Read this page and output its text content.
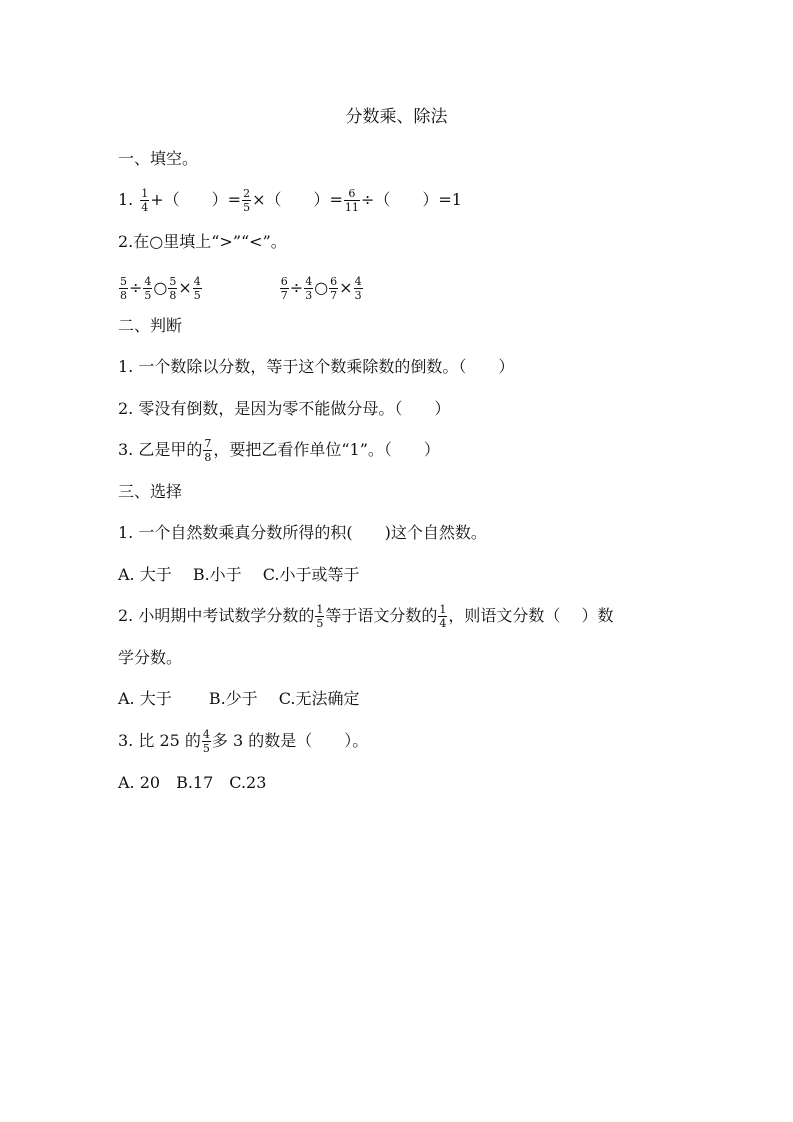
分数乘、除法
一、填空。
1. $\frac{1}{4}$ +（　　）= $\frac{2}{5}$ ×（　　）= $\frac{6}{11}$ ÷（　　）=1
2.在○里填上“>”“<”。
$\frac{5}{8} \div \frac{4}{5}$ ○ $\frac{5}{8} \times \frac{4}{5}$	$\frac{6}{7} \div \frac{4}{3}$ ○ $\frac{6}{7} \times \frac{4}{3}$
二、判断
1. 一个数除以分数，等于这个数乘除数的倒数。（　　）
2. 零没有倒数，是因为零不能做分母。（　　）
3. 乙是甲的 $\frac{7}{8}$ ，要把乙看作单位“1”。（　　）
三、选择
1. 一个自然数乘真分数所得的积(　　)这个自然数。
A. 大于　 B.小于　 C.小于或等于
2. 小明期中考试数学分数的 $\frac{1}{5}$ 等于语文分数的 $\frac{1}{4}$ ，则语文分数（　 ）数
学分数。
A. 大于　　 B.少于　 C.无法确定
3. 比 25 的 $\frac{4}{5}$ 多 3 的数是（　　）。
A. 20　B.17　C.23
